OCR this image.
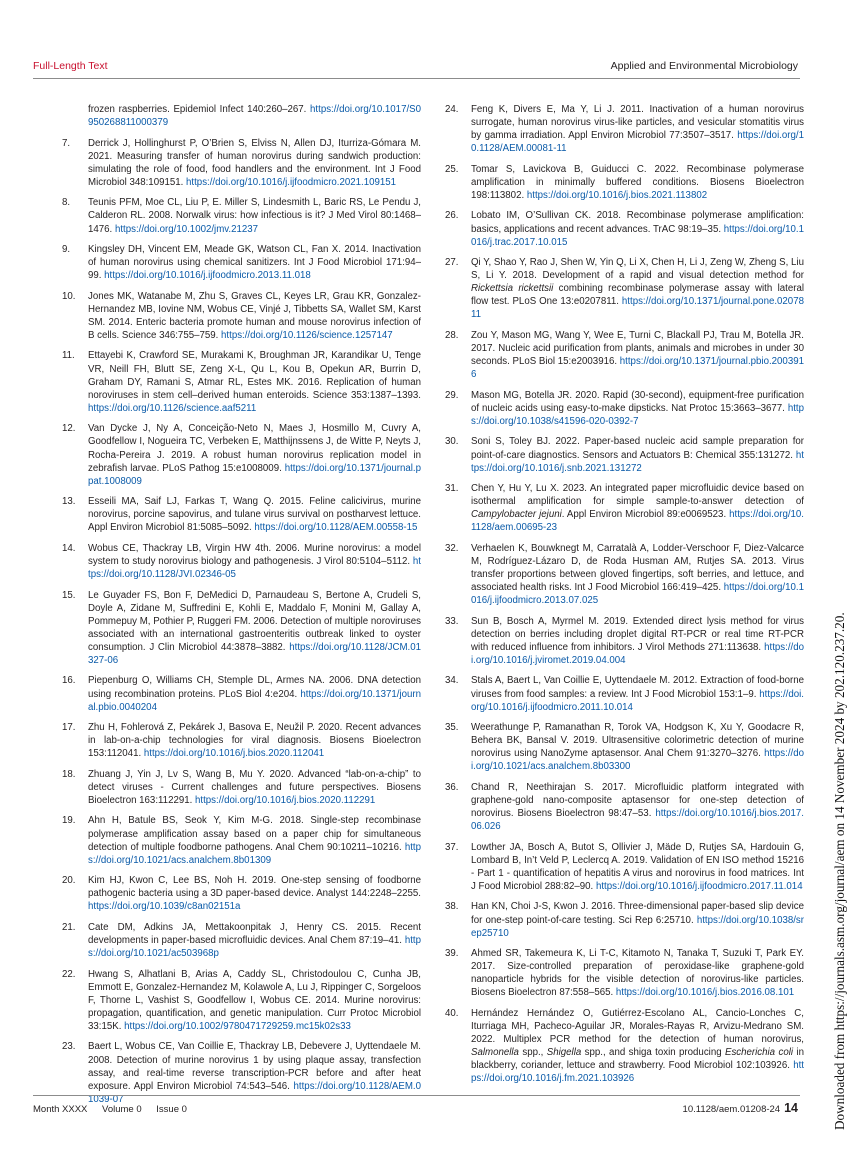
Full-Length Text	Applied and Environmental Microbiology
frozen raspberries. Epidemiol Infect 140:260–267. https://doi.org/10.1017/S0950268811000379
7.	Derrick J, Hollinghurst P, O’Brien S, Elviss N, Allen DJ, Iturriza-Gómara M. 2021. Measuring transfer of human norovirus during sandwich production: simulating the role of food, food handlers and the environment. Int J Food Microbiol 348:109151. https://doi.org/10.1016/j.ijfoodmicro.2021.109151
8.	Teunis PFM, Moe CL, Liu P, E. Miller S, Lindesmith L, Baric RS, Le Pendu J, Calderon RL. 2008. Norwalk virus: how infectious is it? J Med Virol 80:1468–1476. https://doi.org/10.1002/jmv.21237
9.	Kingsley DH, Vincent EM, Meade GK, Watson CL, Fan X. 2014. Inactivation of human norovirus using chemical sanitizers. Int J Food Microbiol 171:94–99. https://doi.org/10.1016/j.ijfoodmicro.2013.11.018
10.	Jones MK, Watanabe M, Zhu S, Graves CL, Keyes LR, Grau KR, Gonzalez-Hernandez MB, Iovine NM, Wobus CE, Vinjé J, Tibbetts SA, Wallet SM, Karst SM. 2014. Enteric bacteria promote human and mouse norovirus infection of B cells. Science 346:755–759. https://doi.org/10.1126/science.1257147
11.	Ettayebi K, Crawford SE, Murakami K, Broughman JR, Karandikar U, Tenge VR, Neill FH, Blutt SE, Zeng X-L, Qu L, Kou B, Opekun AR, Burrin D, Graham DY, Ramani S, Atmar RL, Estes MK. 2016. Replication of human noroviruses in stem cell–derived human enteroids. Science 353:1387–1393. https://doi.org/10.1126/science.aaf5211
12.	Van Dycke J, Ny A, Conceição-Neto N, Maes J, Hosmillo M, Cuvry A, Goodfellow I, Nogueira TC, Verbeken E, Matthijnssens J, de Witte P, Neyts J, Rocha-Pereira J. 2019. A robust human norovirus replication model in zebrafish larvae. PLoS Pathog 15:e1008009. https://doi.org/10.1371/journal.ppat.1008009
13.	Esseili MA, Saif LJ, Farkas T, Wang Q. 2015. Feline calicivirus, murine norovirus, porcine sapovirus, and tulane virus survival on postharvest lettuce. Appl Environ Microbiol 81:5085–5092. https://doi.org/10.1128/AEM.00558-15
14.	Wobus CE, Thackray LB, Virgin HW 4th. 2006. Murine norovirus: a model system to study norovirus biology and pathogenesis. J Virol 80:5104–5112. https://doi.org/10.1128/JVI.02346-05
15.	Le Guyader FS, Bon F, DeMedici D, Parnaudeau S, Bertone A, Crudeli S, Doyle A, Zidane M, Suffredini E, Kohli E, Maddalo F, Monini M, Gallay A, Pommepuy M, Pothier P, Ruggeri FM. 2006. Detection of multiple noroviruses associated with an international gastroenteritis outbreak linked to oyster consumption. J Clin Microbiol 44:3878–3882. https://doi.org/10.1128/JCM.01327-06
16.	Piepenburg O, Williams CH, Stemple DL, Armes NA. 2006. DNA detection using recombination proteins. PLoS Biol 4:e204. https://doi.org/10.1371/journal.pbio.0040204
17.	Zhu H, Fohlerová Z, Pekárek J, Basova E, Neužil P. 2020. Recent advances in lab-on-a-chip technologies for viral diagnosis. Biosens Bioelectron 153:112041. https://doi.org/10.1016/j.bios.2020.112041
18.	Zhuang J, Yin J, Lv S, Wang B, Mu Y. 2020. Advanced “lab-on-a-chip” to detect viruses - Current challenges and future perspectives. Biosens Bioelectron 163:112291. https://doi.org/10.1016/j.bios.2020.112291
19.	Ahn H, Batule BS, Seok Y, Kim M-G. 2018. Single-step recombinase polymerase amplification assay based on a paper chip for simultaneous detection of multiple foodborne pathogens. Anal Chem 90:10211–10216. https://doi.org/10.1021/acs.analchem.8b01309
20.	Kim HJ, Kwon C, Lee BS, Noh H. 2019. One-step sensing of foodborne pathogenic bacteria using a 3D paper-based device. Analyst 144:2248–2255. https://doi.org/10.1039/c8an02151a
21.	Cate DM, Adkins JA, Mettakoonpitak J, Henry CS. 2015. Recent developments in paper-based microfluidic devices. Anal Chem 87:19–41. https://doi.org/10.1021/ac503968p
22.	Hwang S, Alhatlani B, Arias A, Caddy SL, Christodoulou C, Cunha JB, Emmott E, Gonzalez-Hernandez M, Kolawole A, Lu J, Rippinger C, Sorgeloos F, Thorne L, Vashist S, Goodfellow I, Wobus CE. 2014. Murine norovirus: propagation, quantification, and genetic manipulation. Curr Protoc Microbiol 33:15K. https://doi.org/10.1002/9780471729259.mc15k02s33
23.	Baert L, Wobus CE, Van Coillie E, Thackray LB, Debevere J, Uyttendaele M. 2008. Detection of murine norovirus 1 by using plaque assay, transfection assay, and real-time reverse transcription-PCR before and after heat exposure. Appl Environ Microbiol 74:543–546. https://doi.org/10.1128/AEM.01039-07
24.	Feng K, Divers E, Ma Y, Li J. 2011. Inactivation of a human norovirus surrogate, human norovirus virus-like particles, and vesicular stomatitis virus by gamma irradiation. Appl Environ Microbiol 77:3507–3517. https://doi.org/10.1128/AEM.00081-11
25.	Tomar S, Lavickova B, Guiducci C. 2022. Recombinase polymerase amplification in minimally buffered conditions. Biosens Bioelectron 198:113802. https://doi.org/10.1016/j.bios.2021.113802
26.	Lobato IM, O’Sullivan CK. 2018. Recombinase polymerase amplification: basics, applications and recent advances. TrAC 98:19–35. https://doi.org/10.1016/j.trac.2017.10.015
27.	Qi Y, Shao Y, Rao J, Shen W, Yin Q, Li X, Chen H, Li J, Zeng W, Zheng S, Liu S, Li Y. 2018. Development of a rapid and visual detection method for Rickettsia rickettsii combining recombinase polymerase assay with lateral flow test. PLoS One 13:e0207811. https://doi.org/10.1371/journal.pone.0207811
28.	Zou Y, Mason MG, Wang Y, Wee E, Turni C, Blackall PJ, Trau M, Botella JR. 2017. Nucleic acid purification from plants, animals and microbes in under 30 seconds. PLoS Biol 15:e2003916. https://doi.org/10.1371/journal.pbio.2003916
29.	Mason MG, Botella JR. 2020. Rapid (30-second), equipment-free purification of nucleic acids using easy-to-make dipsticks. Nat Protoc 15:3663–3677. https://doi.org/10.1038/s41596-020-0392-7
30.	Soni S, Toley BJ. 2022. Paper-based nucleic acid sample preparation for point-of-care diagnostics. Sensors and Actuators B: Chemical 355:131272. https://doi.org/10.1016/j.snb.2021.131272
31.	Chen Y, Hu Y, Lu X. 2023. An integrated paper microfluidic device based on isothermal amplification for simple sample-to-answer detection of Campylobacter jejuni. Appl Environ Microbiol 89:e0069523. https://doi.org/10.1128/aem.00695-23
32.	Verhaelen K, Bouwknegt M, Carratalà A, Lodder-Verschoor F, Diez-Valcarce M, Rodríguez-Lázaro D, de Roda Husman AM, Rutjes SA. 2013. Virus transfer proportions between gloved fingertips, soft berries, and lettuce, and associated health risks. Int J Food Microbiol 166:419–425. https://doi.org/10.1016/j.ijfoodmicro.2013.07.025
33.	Sun B, Bosch A, Myrmel M. 2019. Extended direct lysis method for virus detection on berries including droplet digital RT-PCR or real time RT-PCR with reduced influence from inhibitors. J Virol Methods 271:113638. https://doi.org/10.1016/j.jviromet.2019.04.004
34.	Stals A, Baert L, Van Coillie E, Uyttendaele M. 2012. Extraction of food-borne viruses from food samples: a review. Int J Food Microbiol 153:1–9. https://doi.org/10.1016/j.ijfoodmicro.2011.10.014
35.	Weerathunge P, Ramanathan R, Torok VA, Hodgson K, Xu Y, Goodacre R, Behera BK, Bansal V. 2019. Ultrasensitive colorimetric detection of murine norovirus using NanoZyme aptasensor. Anal Chem 91:3270–3276. https://doi.org/10.1021/acs.analchem.8b03300
36.	Chand R, Neethirajan S. 2017. Microfluidic platform integrated with graphene-gold nano-composite aptasensor for one-step detection of norovirus. Biosens Bioelectron 98:47–53. https://doi.org/10.1016/j.bios.2017.06.026
37.	Lowther JA, Bosch A, Butot S, Ollivier J, Mäde D, Rutjes SA, Hardouin G, Lombard B, In’t Veld P, Leclercq A. 2019. Validation of EN ISO method 15216 - Part 1 - quantification of hepatitis A virus and norovirus in food matrices. Int J Food Microbiol 288:82–90. https://doi.org/10.1016/j.ijfoodmicro.2017.11.014
38.	Han KN, Choi J-S, Kwon J. 2016. Three-dimensional paper-based slip device for one-step point-of-care testing. Sci Rep 6:25710. https://doi.org/10.1038/srep25710
39.	Ahmed SR, Takemeura K, Li T-C, Kitamoto N, Tanaka T, Suzuki T, Park EY. 2017. Size-controlled preparation of peroxidase-like graphene-gold nanoparticle hybrids for the visible detection of norovirus-like particles. Biosens Bioelectron 87:558–565. https://doi.org/10.1016/j.bios.2016.08.101
40.	Hernández Hernández O, Gutiérrez-Escolano AL, Cancio-Lonches C, Iturriaga MH, Pacheco-Aguilar JR, Morales-Rayas R, Arvizu-Medrano SM. 2022. Multiplex PCR method for the detection of human norovirus, Salmonella spp., Shigella spp., and shiga toxin producing Escherichia coli in blackberry, coriander, lettuce and strawberry. Food Microbiol 102:103926. https://doi.org/10.1016/j.fm.2021.103926
Month XXXX Volume 0 Issue 0	10.1128/aem.01208-24 14	Downloaded from https://journals.asm.org/journal/aem on 14 November 2024 by 202.120.237.20.
